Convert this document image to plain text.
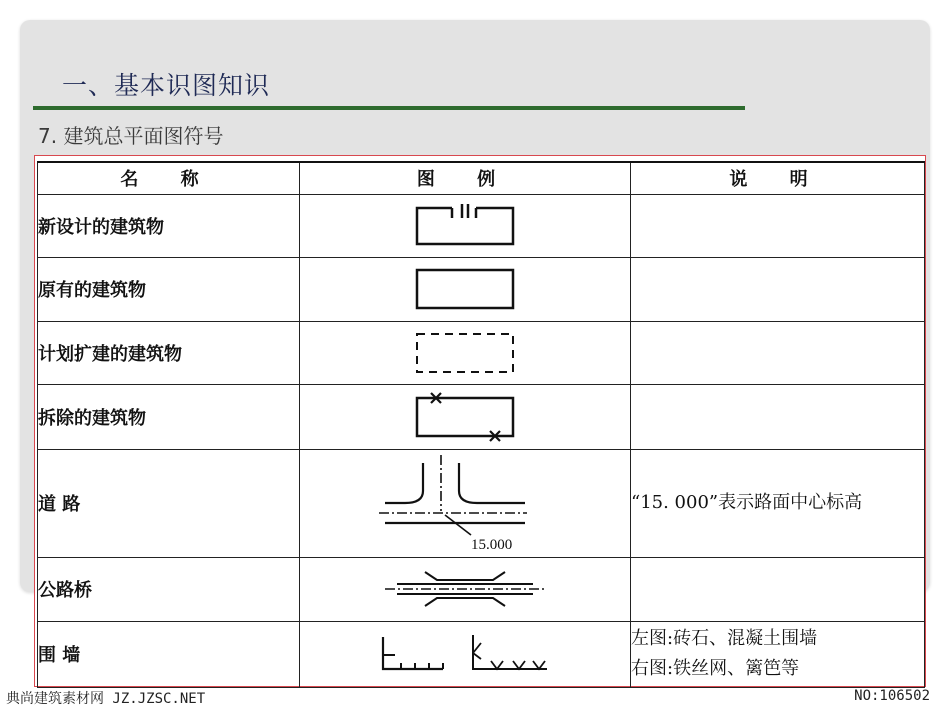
一、基本识图知识
7. 建筑总平面图符号
名 称	图 例	说 明
新设计的建筑物	

原有的建筑物	

计划扩建的建筑物	

拆除的建筑物	

道 路	15.000	“15. 000”表示路面中心标高
公路桥	

围 墙		左图:砖石、混凝土围墙
右图:铁丝网、篱笆等
典尚建筑素材网 JZ.JZSC.NET	NO:106502
